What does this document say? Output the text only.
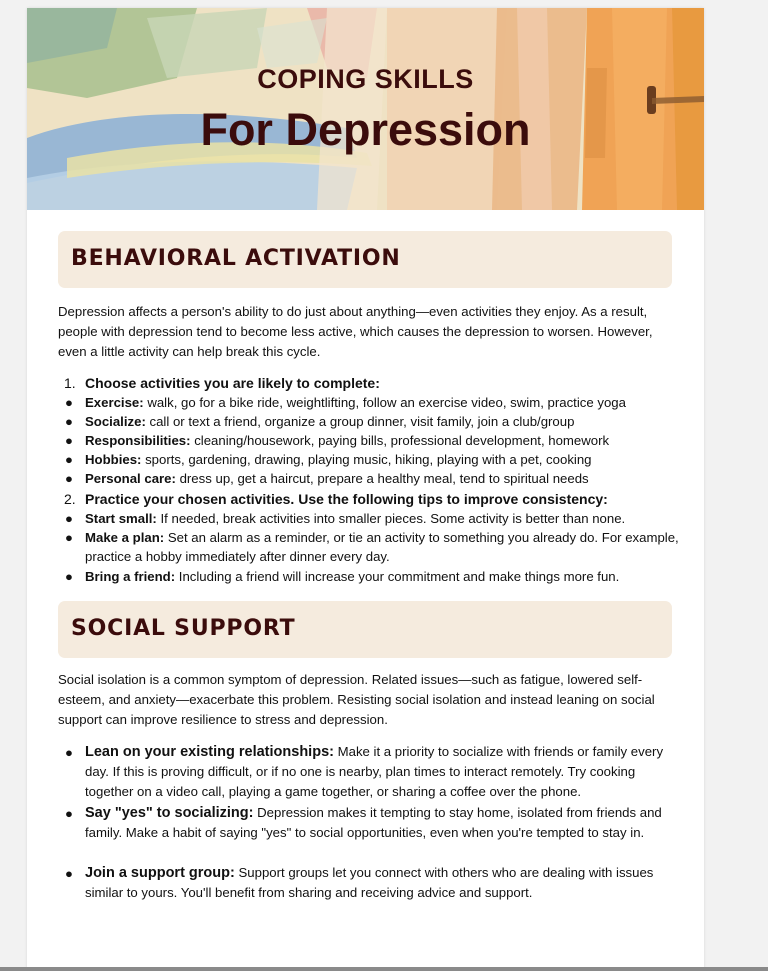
COPING SKILLS
For Depression
BEHAVIORAL ACTIVATION

Depression affects a person's ability to do just about anything—even activities they enjoy. As a result, people with depression tend to become less active, which causes the depression to worsen. However, even a little activity can help break this cycle.

1. Choose activities you are likely to complete:
● Exercise: walk, go for a bike ride, weightlifting, follow an exercise video, swim, practice yoga
● Socialize: call or text a friend, organize a group dinner, visit family, join a club/group
● Responsibilities: cleaning/housework, paying bills, professional development, homework
● Hobbies: sports, gardening, drawing, playing music, hiking, playing with a pet, cooking
● Personal care: dress up, get a haircut, prepare a healthy meal, tend to spiritual needs
2. Practice your chosen activities. Use the following tips to improve consistency:
● Start small: If needed, break activities into smaller pieces. Some activity is better than none.
● Make a plan: Set an alarm as a reminder, or tie an activity to something you already do. For example, practice a hobby immediately after dinner every day.
● Bring a friend: Including a friend will increase your commitment and make things more fun.
SOCIAL SUPPORT

Social isolation is a common symptom of depression. Related issues—such as fatigue, lowered self-esteem, and anxiety—exacerbate this problem. Resisting social isolation and instead leaning on social support can improve resilience to stress and depression.

● Lean on your existing relationships: Make it a priority to socialize with friends or family every day. If this is proving difficult, or if no one is nearby, plan times to interact remotely. Try cooking together on a video call, playing a game together, or sharing a coffee over the phone.
● Say "yes" to socializing: Depression makes it tempting to stay home, isolated from friends and family. Make a habit of saying "yes" to social opportunities, even when you're tempted to stay in.
● Join a support group: Support groups let you connect with others who are dealing with issues similar to yours. You'll benefit from sharing and receiving advice and support.
